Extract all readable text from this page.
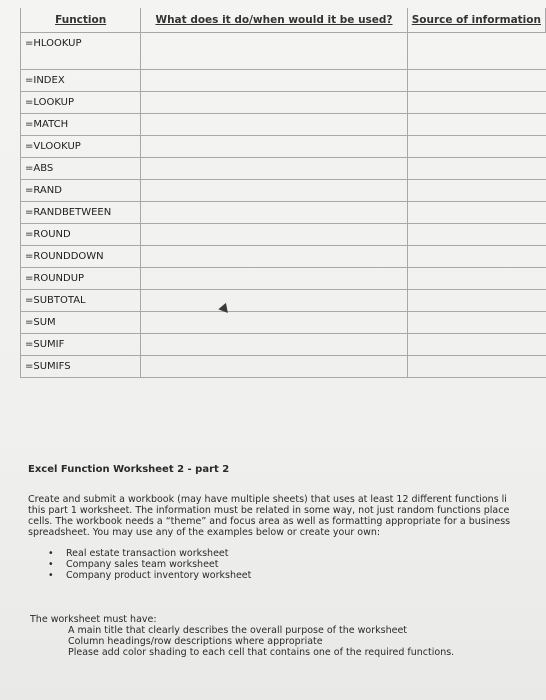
Function	What does it do/when would it be used?	Source of information
=HLOOKUP		
=INDEX		
=LOOKUP		
=MATCH		
=VLOOKUP		
=ABS		
=RAND		
=RANDBETWEEN		
=ROUND		
=ROUNDDOWN		
=ROUNDUP		
=SUBTOTAL		
=SUM		
=SUMIF		
=SUMIFS		
Excel Function Worksheet 2 - part 2
Create and submit a workbook (may have multiple sheets) that uses at least 12 different functions li
this part 1 worksheet. The information must be related in some way, not just random functions place
cells. The workbook needs a “theme” and focus area as well as formatting appropriate for a business
spreadsheet. You may use any of the examples below or create your own:
• Real estate transaction worksheet
• Company sales team worksheet
• Company product inventory worksheet
The worksheet must have:
A main title that clearly describes the overall purpose of the worksheet
Column headings/row descriptions where appropriate
Please add color shading to each cell that contains one of the required functions.
